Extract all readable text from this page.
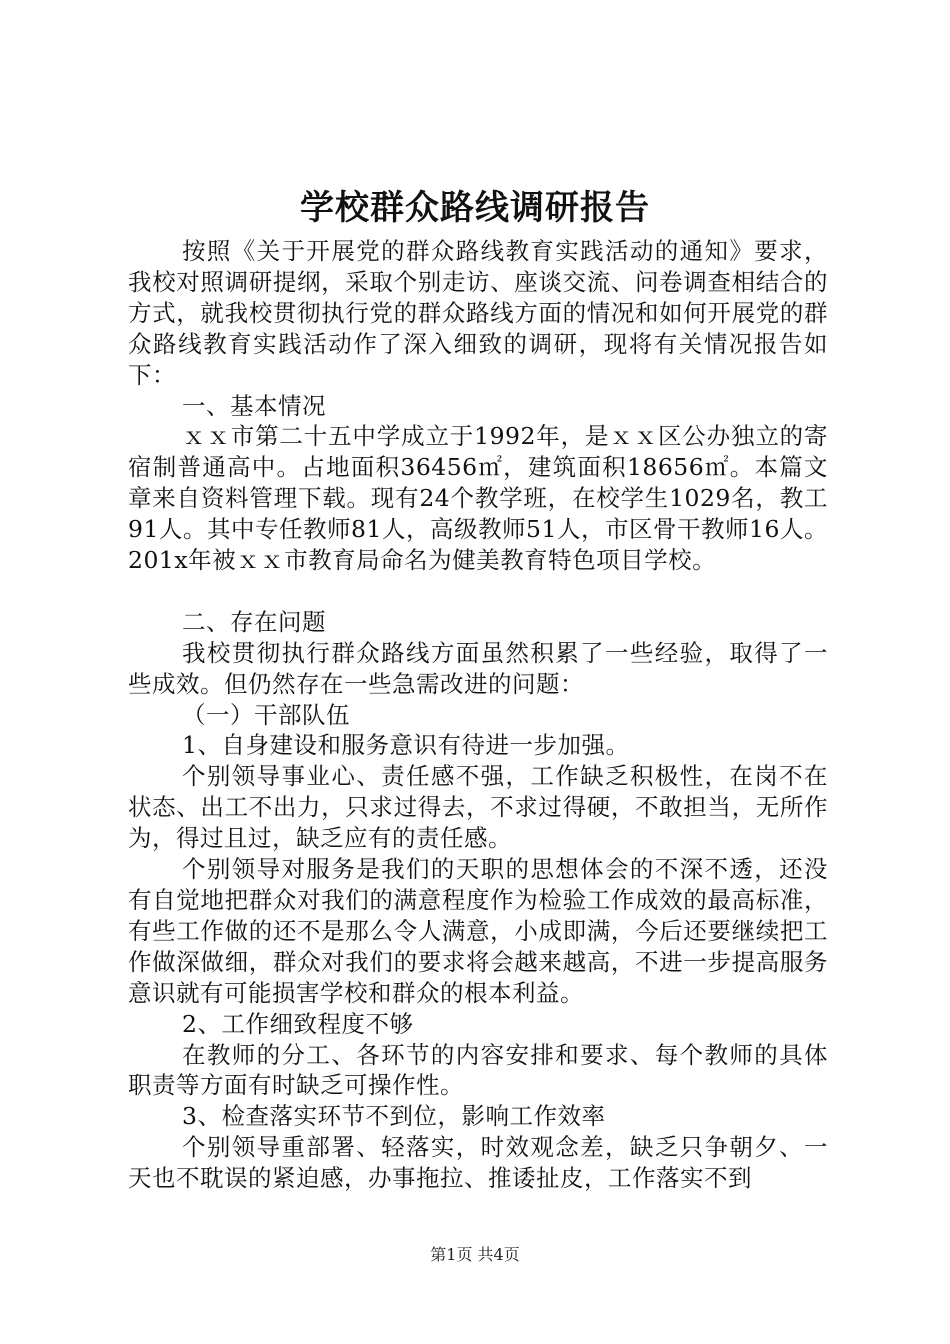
学校群众路线调研报告

按照《关于开展党的群众路线教育实践活动的通知》要求，我校对照调研提纲，采取个别走访、座谈交流、问卷调查相结合的方式，就我校贯彻执行党的群众路线方面的情况和如何开展党的群众路线教育实践活动作了深入细致的调研，现将有关情况报告如下：

一、基本情况

ｘｘ市第二十五中学成立于1992年，是ｘｘ区公办独立的寄宿制普通高中。占地面积36456㎡，建筑面积18656㎡。本篇文章来自资料管理下载。现有24个教学班，在校学生1029名，教工91人。其中专任教师81人，高级教师51人，市区骨干教师16人。201x年被ｘｘ市教育局命名为健美教育特色项目学校。

二、存在问题

我校贯彻执行群众路线方面虽然积累了一些经验，取得了一些成效。但仍然存在一些急需改进的问题：

（一）干部队伍

1、自身建设和服务意识有待进一步加强。

个别领导事业心、责任感不强，工作缺乏积极性，在岗不在状态、出工不出力，只求过得去，不求过得硬，不敢担当，无所作为，得过且过，缺乏应有的责任感。

个别领导对服务是我们的天职的思想体会的不深不透，还没有自觉地把群众对我们的满意程度作为检验工作成效的最高标准，有些工作做的还不是那么令人满意，小成即满，今后还要继续把工作做深做细，群众对我们的要求将会越来越高，不进一步提高服务意识就有可能损害学校和群众的根本利益。

2、工作细致程度不够

在教师的分工、各环节的内容安排和要求、每个教师的具体职责等方面有时缺乏可操作性。

3、检查落实环节不到位，影响工作效率

个别领导重部署、轻落实，时效观念差，缺乏只争朝夕、一天也不耽误的紧迫感，办事拖拉、推诿扯皮，工作落实不到

第1页 共4页
